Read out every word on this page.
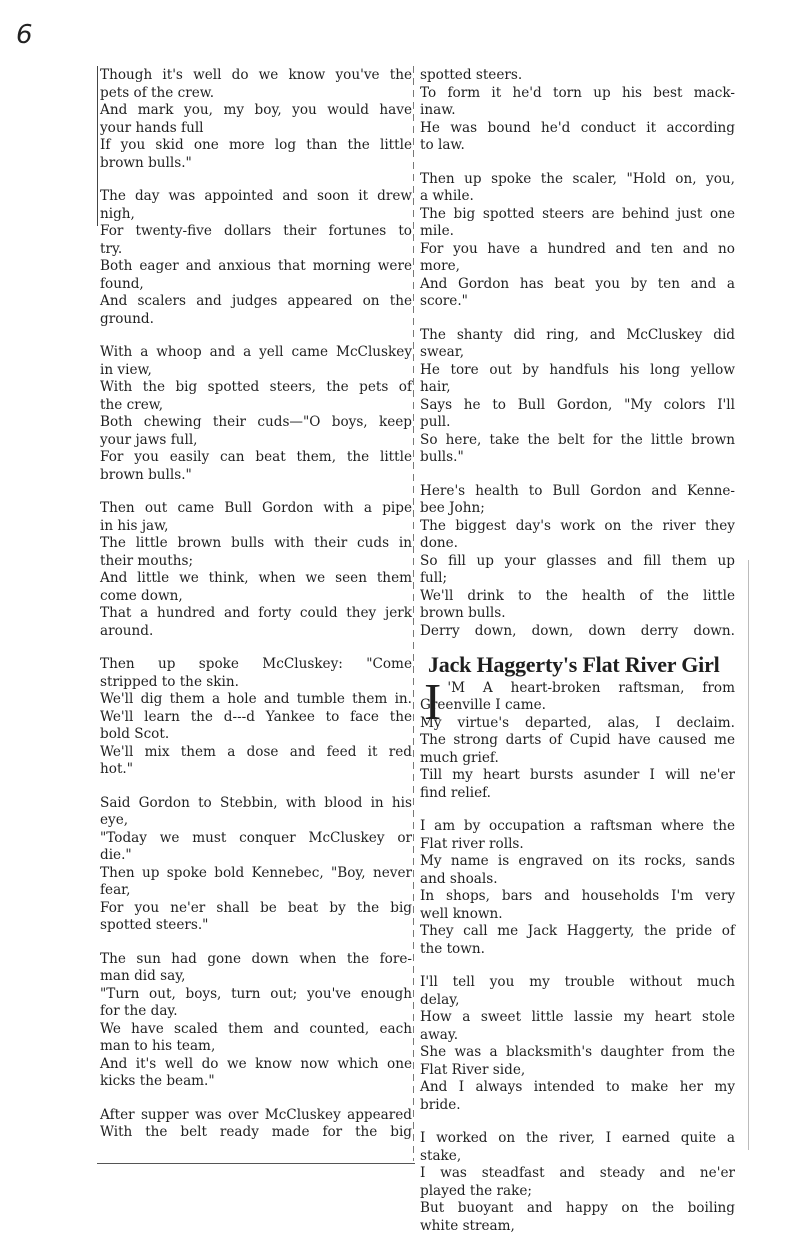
6
Though it's well do we know you've the
pets of the crew.
And mark you, my boy, you would have
your hands full
If you skid one more log than the little
brown bulls."
The day was appointed and soon it drew
nigh,
For twenty-five dollars their fortunes to
try.
Both eager and anxious that morning were
found,
And scalers and judges appeared on the
ground.
With a whoop and a yell came McCluskey
in view,
With the big spotted steers, the pets of
the crew,
Both chewing their cuds—"O boys, keep
your jaws full,
For you easily can beat them, the little
brown bulls."
Then out came Bull Gordon with a pipe
in his jaw,
The little brown bulls with their cuds in
their mouths;
And little we think, when we seen them
come down,
That a hundred and forty could they jerk
around.
Then up spoke McCluskey: "Come
stripped to the skin.
We'll dig them a hole and tumble them in.
We'll learn the d---d Yankee to face the
bold Scot.
We'll mix them a dose and feed it red
hot."
Said Gordon to Stebbin, with blood in his
eye,
"Today we must conquer McCluskey or
die."
Then up spoke bold Kennebec, "Boy, never
fear,
For you ne'er shall be beat by the big
spotted steers."
The sun had gone down when the fore-
man did say,
"Turn out, boys, turn out; you've enough
for the day.
We have scaled them and counted, each
man to his team,
And it's well do we know now which one
kicks the beam."
After supper was over McCluskey appeared
With the belt ready made for the big
spotted steers.
To form it he'd torn up his best mack-
inaw.
He was bound he'd conduct it according
to law.
Then up spoke the scaler, "Hold on, you,
a while.
The big spotted steers are behind just one
mile.
For you have a hundred and ten and no
more,
And Gordon has beat you by ten and a
score."
The shanty did ring, and McCluskey did
swear,
He tore out by handfuls his long yellow
hair,
Says he to Bull Gordon, "My colors I'll
pull.
So here, take the belt for the little brown
bulls."
Here's health to Bull Gordon and Kenne-
bee John;
The biggest day's work on the river they
done.
So fill up your glasses and fill them up
full;
We'll drink to the health of the little
brown bulls.
Derry down, down, down derry down.
Jack Haggerty's Flat River Girl
I 'M A heart-broken raftsman, from
Greenville I came.
My virtue's departed, alas, I declaim.
The strong darts of Cupid have caused me
much grief.
Till my heart bursts asunder I will ne'er
find relief.
I am by occupation a raftsman where the
Flat river rolls.
My name is engraved on its rocks, sands
and shoals.
In shops, bars and households I'm very
well known.
They call me Jack Haggerty, the pride of
the town.
I'll tell you my trouble without much
delay,
How a sweet little lassie my heart stole
away.
She was a blacksmith's daughter from the
Flat River side,
And I always intended to make her my
bride.
I worked on the river, I earned quite a
stake,
I was steadfast and steady and ne'er
played the rake;
But buoyant and happy on the boiling
white stream,
